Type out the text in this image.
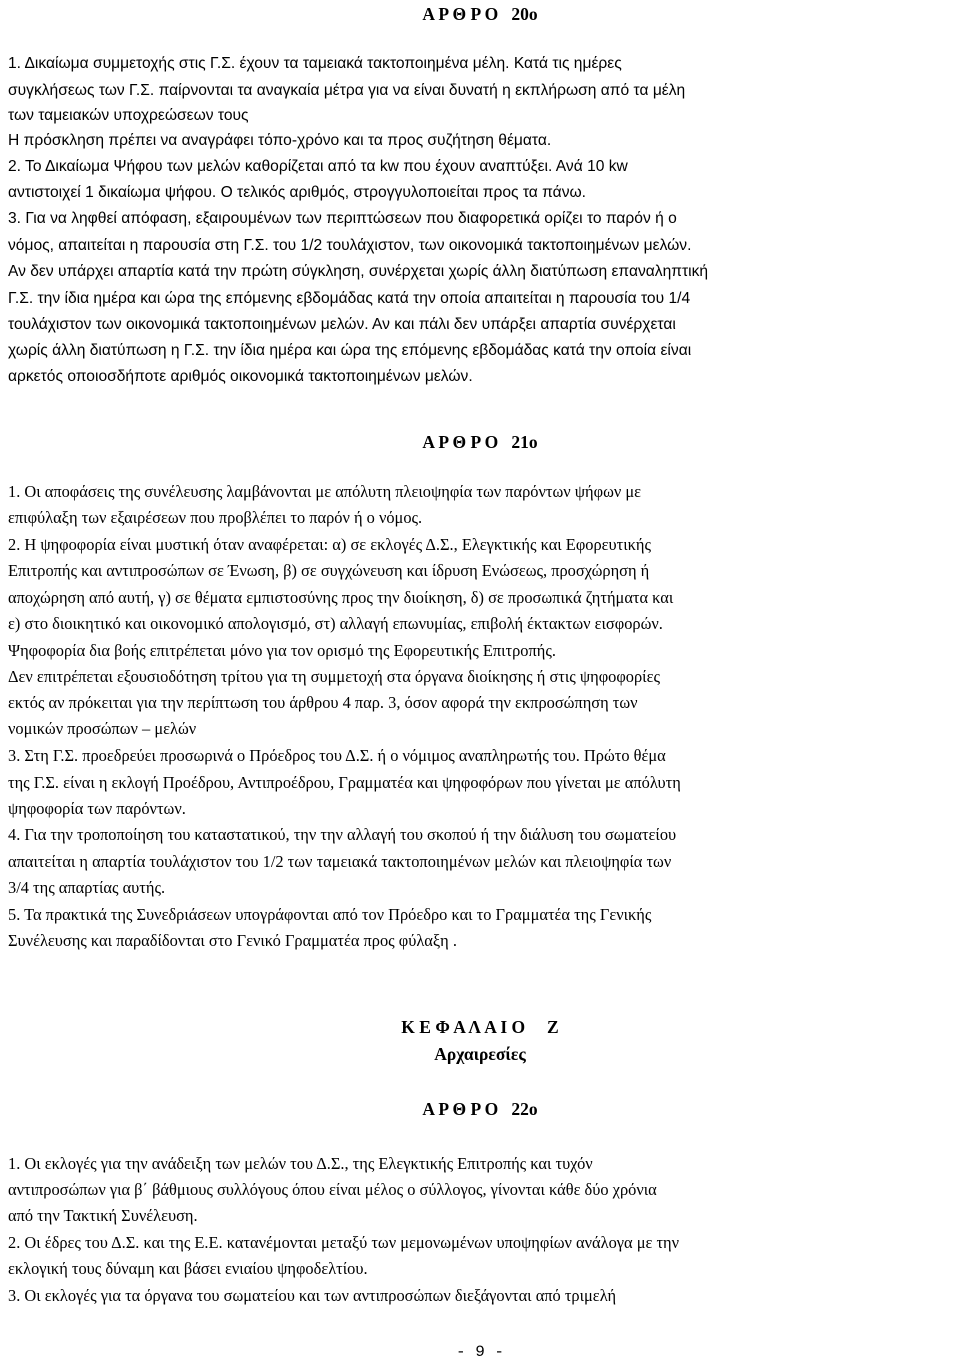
Α Ρ Θ Ρ Ο   20ο
1. Δικαίωμα συμμετοχής στις Γ.Σ. έχουν τα ταμειακά τακτοποιημένα μέλη. Κατά τις ημέρες
συγκλήσεως των Γ.Σ. παίρνονται τα αναγκαία μέτρα για να είναι δυνατή η εκπλήρωση από τα μέλη
των ταμειακών υποχρεώσεων τους
Η πρόσκληση πρέπει να αναγράφει τόπο-χρόνο και τα προς συζήτηση θέματα.
2. Το Δικαίωμα Ψήφου των μελών καθορίζεται από τα kw που έχουν αναπτύξει. Ανά 10 kw
αντιστοιχεί 1 δικαίωμα ψήφου. Ο τελικός αριθμός, στρογγυλοποιείται προς τα πάνω.
3. Για να ληφθεί απόφαση, εξαιρουμένων των περιπτώσεων που διαφορετικά ορίζει το παρόν ή ο
νόμος, απαιτείται η παρουσία στη Γ.Σ. του 1/2 τουλάχιστον, των οικονομικά τακτοποιημένων μελών.
Αν δεν υπάρχει απαρτία κατά την πρώτη σύγκληση, συνέρχεται χωρίς άλλη διατύπωση επαναληπτική
Γ.Σ. την ίδια ημέρα και ώρα της επόμενης εβδομάδας κατά την οποία απαιτείται η παρουσία του 1/4
τουλάχιστον των οικονομικά τακτοποιημένων μελών. Αν και πάλι δεν υπάρξει απαρτία συνέρχεται
χωρίς άλλη διατύπωση η Γ.Σ. την ίδια ημέρα και ώρα της επόμενης εβδομάδας κατά την οποία είναι
αρκετός οποιοσδήποτε αριθμός οικονομικά τακτοποιημένων μελών.
Α Ρ Θ Ρ Ο   21ο
1. Οι αποφάσεις της συνέλευσης λαμβάνονται με απόλυτη πλειοψηφία των παρόντων ψήφων με
επιφύλαξη των εξαιρέσεων που προβλέπει το παρόν ή ο νόμος.
2. Η ψηφοφορία είναι μυστική όταν αναφέρεται: α) σε εκλογές Δ.Σ., Ελεγκτικής και Εφορευτικής
Επιτροπής και αντιπροσώπων σε Ένωση, β) σε συγχώνευση και ίδρυση Ενώσεως, προσχώρηση ή
αποχώρηση από αυτή, γ) σε θέματα εμπιστοσύνης προς την διοίκηση, δ) σε προσωπικά ζητήματα και
ε) στο διοικητικό και οικονομικό απολογισμό, στ) αλλαγή επωνυμίας, επιβολή έκτακτων εισφορών.
Ψηφοφορία δια βοής επιτρέπεται μόνο για τον ορισμό της Εφορευτικής Επιτροπής.
Δεν επιτρέπεται εξουσιοδότηση τρίτου για τη συμμετοχή στα όργανα διοίκησης ή στις ψηφοφορίες
εκτός αν πρόκειται για την περίπτωση του άρθρου 4 παρ. 3, όσον αφορά την εκπροσώπηση των
νομικών προσώπων – μελών
3. Στη Γ.Σ. προεδρεύει προσωρινά ο Πρόεδρος του Δ.Σ. ή ο νόμιμος αναπληρωτής του. Πρώτο θέμα
της Γ.Σ. είναι η εκλογή Προέδρου, Αντιπροέδρου, Γραμματέα και ψηφοφόρων που γίνεται με απόλυτη
ψηφοφορία των παρόντων.
4. Για την τροποποίηση του καταστατικού, την την αλλαγή του σκοπού ή την διάλυση του σωματείου
απαιτείται η απαρτία τουλάχιστον του 1/2 των ταμειακά τακτοποιημένων μελών και πλειοψηφία των
3/4 της απαρτίας αυτής.
5. Τα πρακτικά της Συνεδριάσεων υπογράφονται από τον Πρόεδρο και το Γραμματέα της Γενικής
Συνέλευσης και παραδίδονται στο Γενικό Γραμματέα προς φύλαξη .
Κ Ε Φ Α Λ Α Ι Ο     Ζ
Αρχαιρεσίες
Α Ρ Θ Ρ Ο   22ο
1. Οι εκλογές για την ανάδειξη των μελών του Δ.Σ., της Ελεγκτικής Επιτροπής και τυχόν
αντιπροσώπων για β΄ βάθμιους συλλόγους όπου είναι μέλος ο σύλλογος, γίνονται κάθε δύο χρόνια
από την Τακτική Συνέλευση.
2. Οι έδρες του Δ.Σ. και της Ε.Ε. κατανέμονται μεταξύ των μεμονωμένων υποψηφίων ανάλογα με την
εκλογική τους δύναμη και βάσει ενιαίου ψηφοδελτίου.
3. Οι εκλογές για τα όργανα του σωματείου και των αντιπροσώπων διεξάγονται από τριμελή
- 9 -
